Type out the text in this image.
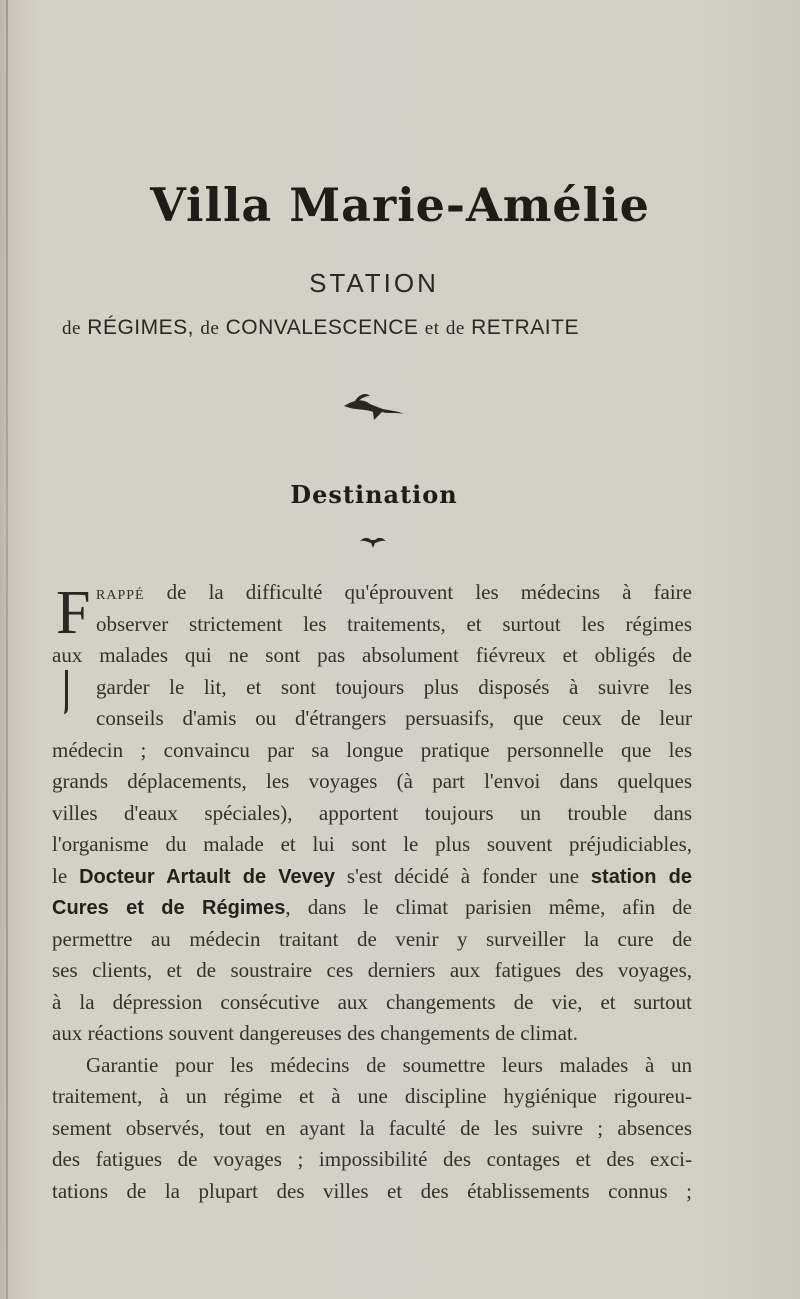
Villa Marie-Amélie
STATION
de RÉGIMES, de CONVALESCENCE et de RETRAITE
Destination
F RAPPÉ de la difficulté qu'éprouvent les médecins à faire
observer strictement les traitements, et surtout les régimes
aux malades qui ne sont pas absolument fiévreux et obligés de
garder le lit, et sont toujours plus disposés à suivre les
conseils d'amis ou d'étrangers persuasifs, que ceux de leur
médecin ; convaincu par sa longue pratique personnelle que les
grands déplacements, les voyages (à part l'envoi dans quelques
villes d'eaux spéciales), apportent toujours un trouble dans
l'organisme du malade et lui sont le plus souvent préjudiciables,
le Docteur Artault de Vevey s'est décidé à fonder une station de
Cures et de Régimes, dans le climat parisien même, afin de
permettre au médecin traitant de venir y surveiller la cure de
ses clients, et de soustraire ces derniers aux fatigues des voyages,
à la dépression consécutive aux changements de vie, et surtout
aux réactions souvent dangereuses des changements de climat.
Garantie pour les médecins de soumettre leurs malades à un
traitement, à un régime et à une discipline hygiénique rigoureu-
sement observés, tout en ayant la faculté de les suivre ; absences
des fatigues de voyages ; impossibilité des contages et des exci-
tations de la plupart des villes et des établissements connus ;
